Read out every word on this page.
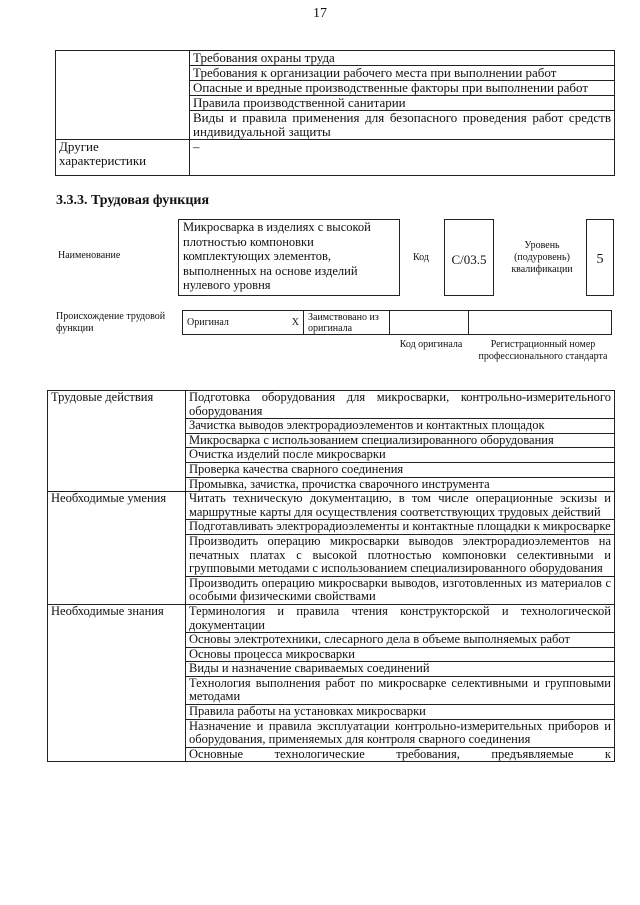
17
	Требования охраны труда
	Требования к организации рабочего места при выполнении работ
	Опасные и вредные производственные факторы при выполнении работ
	Правила производственной санитарии
	Виды и правила применения для безопасного проведения работ средств индивидуальной защиты
Другие характеристики	–
3.3.3. Трудовая функция
Наименование
Микросварка в изделиях с высокой плотностью компоновки комплектующих элементов, выполненных на основе изделий нулевого уровня
Код	С/03.5
Уровень (подуровень) квалификации
5
Происхождение трудовой функции
Оригинал	X	Заимствовано из оригинала		
Код оригинала	Регистрационный номер профессионального стандарта
Трудовые действия	Подготовка оборудования для микросварки, контрольно-измерительного оборудования
	Зачистка выводов электрорадиоэлементов и контактных площадок
	Микросварка с использованием специализированного оборудования
	Очистка изделий после микросварки
	Проверка качества сварного соединения
	Промывка, зачистка, прочистка сварочного инструмента
Необходимые умения	Читать техническую документацию, в том числе операционные эскизы и маршрутные карты для осуществления соответствующих трудовых действий
	Подготавливать электрорадиоэлементы и контактные площадки к микросварке
	Производить операцию микросварки выводов электрорадиоэлементов на печатных платах с высокой плотностью компоновки селективными и групповыми методами с использованием специализированного оборудования
	Производить операцию микросварки выводов, изготовленных из материалов с особыми физическими свойствами
Необходимые знания	Терминология и правила чтения конструкторской и технологической документации
	Основы электротехники, слесарного дела в объеме выполняемых работ
	Основы процесса микросварки
	Виды и назначение свариваемых соединений
	Технология выполнения работ по микросварке селективными и групповыми методами
	Правила работы на установках микросварки
	Назначение и правила эксплуатации контрольно-измерительных приборов и оборудования, применяемых для контроля сварного соединения
	Основные технологические требования, предъявляемые к
